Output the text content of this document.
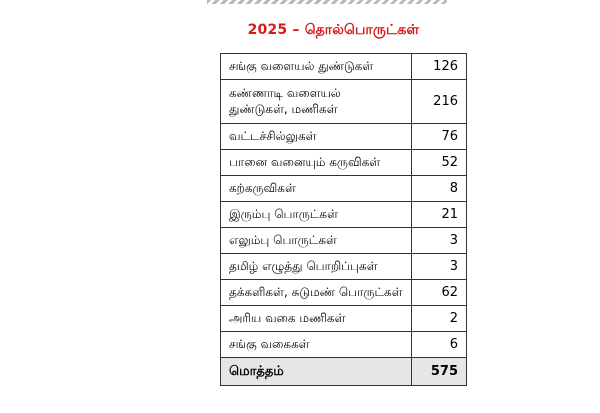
2025 – தொல்பொருட்கள்
சங்கு வளையல் துண்டுகள்	126
கண்ணாடி வளையல் துண்டுகள், மணிகள்	216
வட்டச்சில்லுகள்	76
பானை வனையும் கருவிகள்	52
கற்கருவிகள்	8
இரும்பு பொருட்கள்	21
எலும்பு பொருட்கள்	3
தமிழ் எழுத்து பொறிப்புகள்	3
தக்களிகள், சுடுமண் பொருட்கள்	62
அரிய வகை மணிகள்	2
சங்கு வகைகள்	6
மொத்தம்	575
